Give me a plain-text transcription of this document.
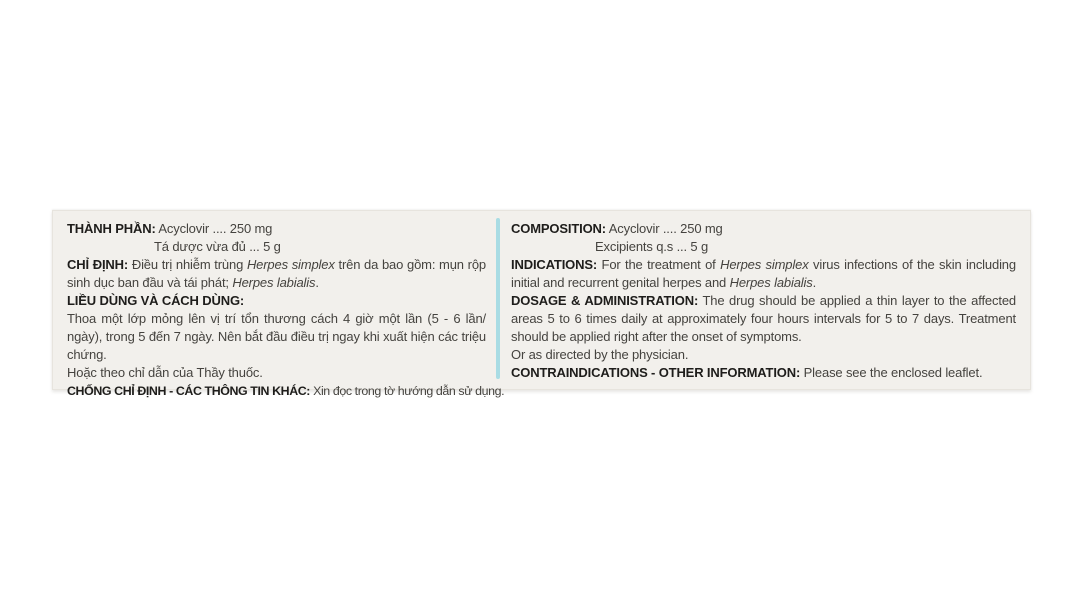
THÀNH PHẦN: Acyclovir .... 250 mg
Tá dược vừa đủ ... 5 g
CHỈ ĐỊNH: Điều trị nhiễm trùng Herpes simplex trên da bao gồm: mụn rộp sinh dục ban đầu và tái phát; Herpes labialis.
LIỀU DÙNG VÀ CÁCH DÙNG:
Thoa một lớp mỏng lên vị trí tổn thương cách 4 giờ một lần (5 - 6 lần/ ngày), trong 5 đến 7 ngày. Nên bắt đầu điều trị ngay khi xuất hiện các triệu chứng.
Hoặc theo chỉ dẫn của Thầy thuốc.
CHỐNG CHỈ ĐỊNH - CÁC THÔNG TIN KHÁC: Xin đọc trong tờ hướng dẫn sử dụng.
COMPOSITION: Acyclovir .... 250 mg
Excipients q.s ... 5 g
INDICATIONS: For the treatment of Herpes simplex virus infections of the skin including initial and recurrent genital herpes and Herpes labialis.
DOSAGE & ADMINISTRATION: The drug should be applied a thin layer to the affected areas 5 to 6 times daily at approximately four hours intervals for 5 to 7 days. Treatment should be applied right after the onset of symptoms.
Or as directed by the physician.
CONTRAINDICATIONS - OTHER INFORMATION: Please see the enclosed leaflet.
